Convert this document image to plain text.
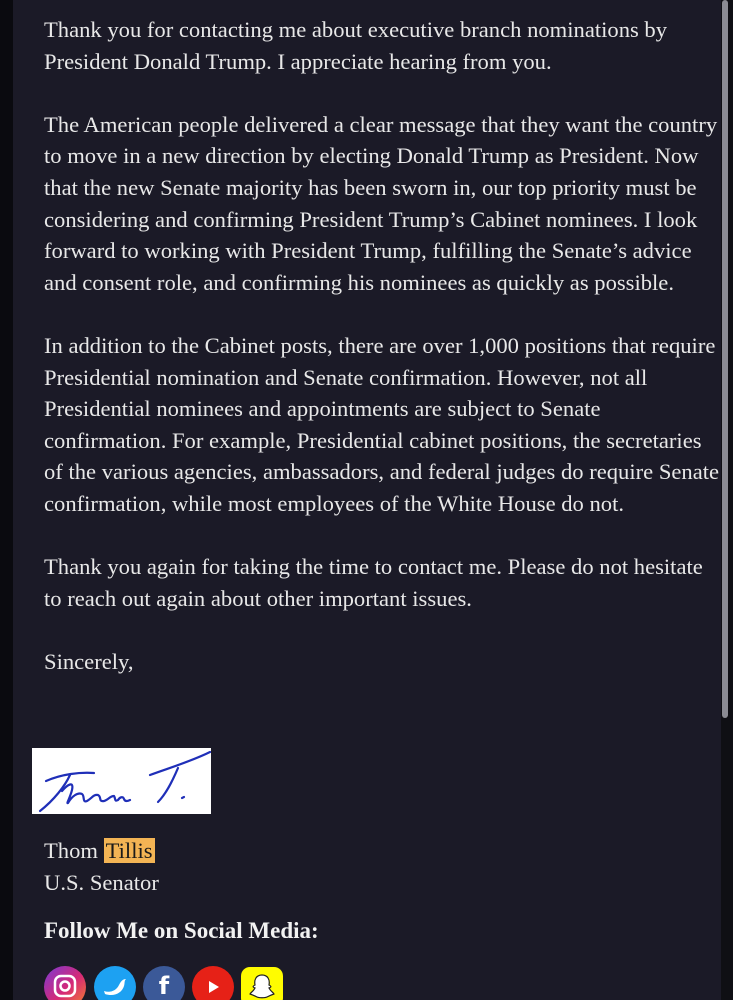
Thank you for contacting me about executive branch nominations by President Donald Trump. I appreciate hearing from you.

The American people delivered a clear message that they want the country to move in a new direction by electing Donald Trump as President. Now that the new Senate majority has been sworn in, our top priority must be considering and confirming President Trump’s Cabinet nominees. I look forward to working with President Trump, fulfilling the Senate’s advice and consent role, and confirming his nominees as quickly as possible.

In addition to the Cabinet posts, there are over 1,000 positions that require Presidential nomination and Senate confirmation. However, not all Presidential nominees and appointments are subject to Senate confirmation. For example, Presidential cabinet positions, the secretaries of the various agencies, ambassadors, and federal judges do require Senate confirmation, while most employees of the White House do not.

Thank you again for taking the time to contact me. Please do not hesitate to reach out again about other important issues.

Sincerely,

Thom Tillis
U.S. Senator
Follow Me on Social Media:
f
